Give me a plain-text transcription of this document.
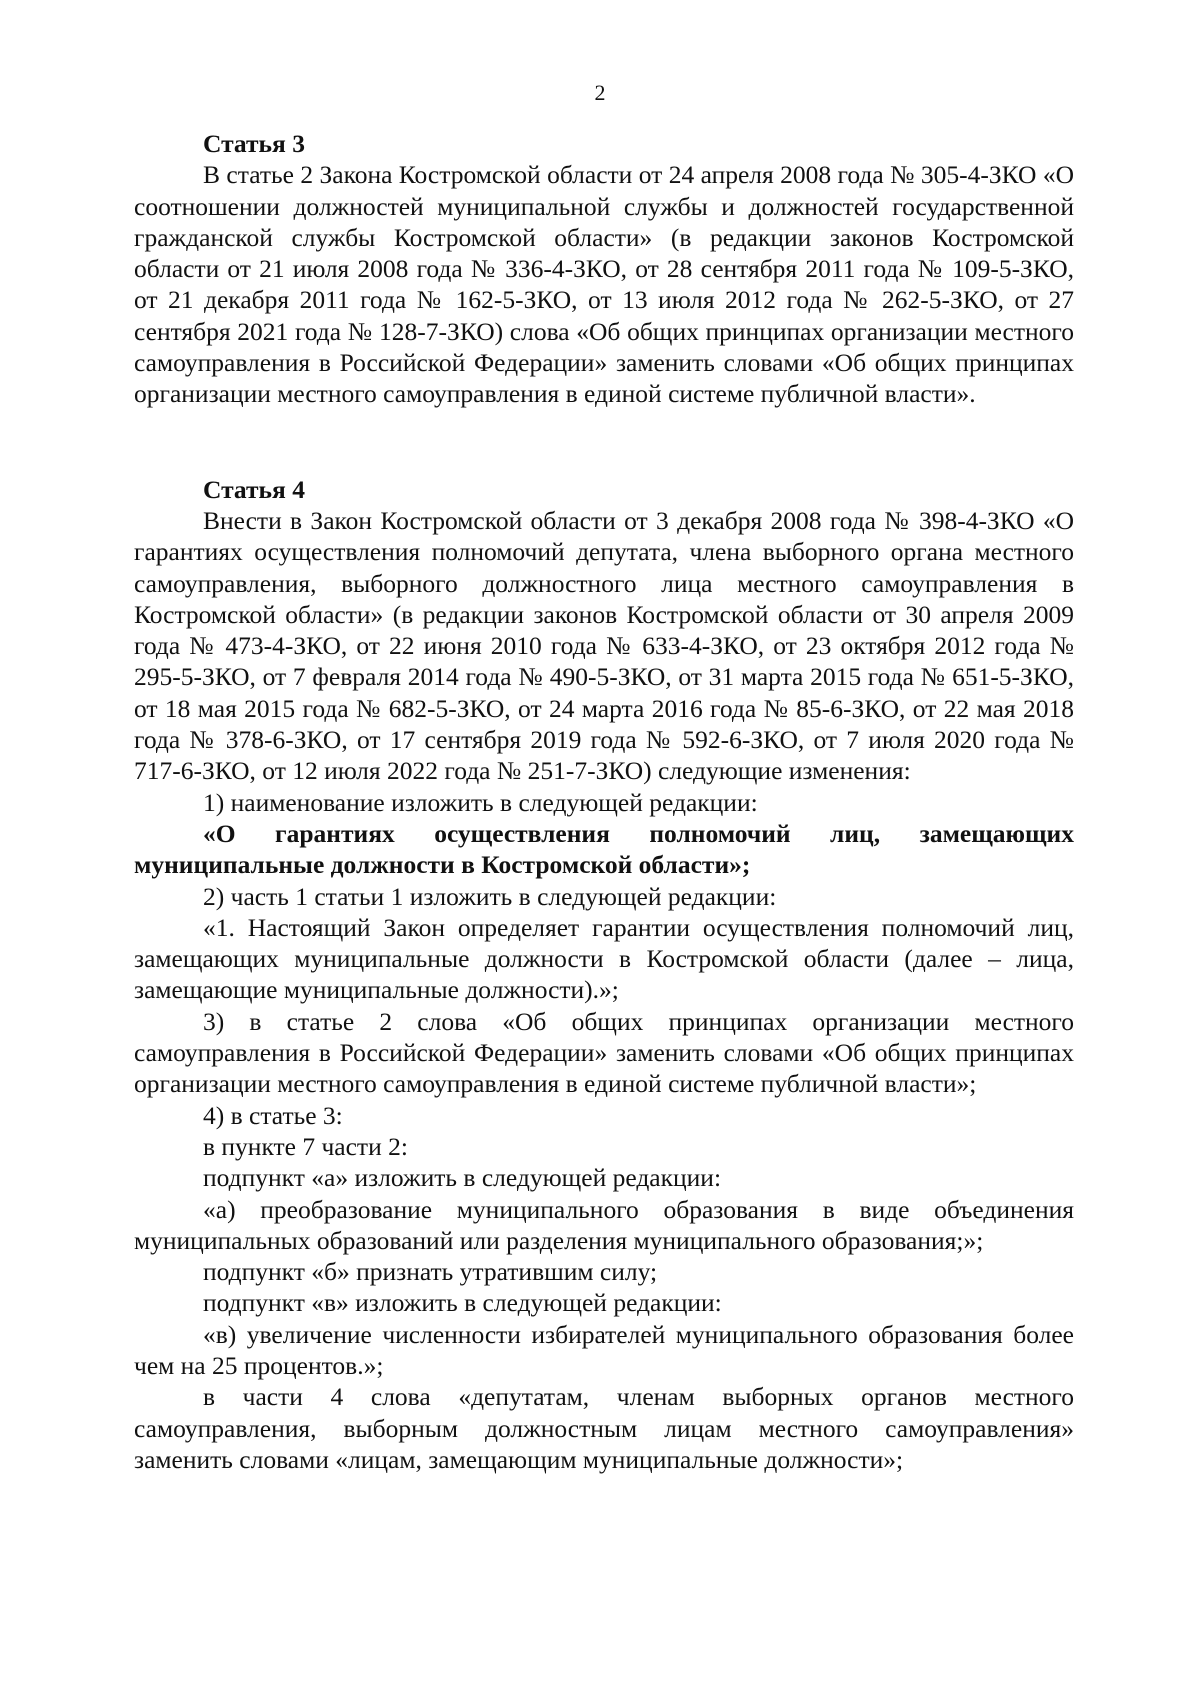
2

Статья 3

В статье 2 Закона Костромской области от 24 апреля 2008 года № 305-4-ЗКО «О соотношении должностей муниципальной службы и должностей государственной гражданской службы Костромской области» (в редакции законов Костромской области от 21 июля 2008 года № 336-4-ЗКО, от 28 сентября 2011 года № 109-5-ЗКО, от 21 декабря 2011 года № 162-5-ЗКО, от 13 июля 2012 года № 262-5-ЗКО, от 27 сентября 2021 года № 128-7-ЗКО) слова «Об общих принципах организации местного самоуправления в Российской Федерации» заменить словами «Об общих принципах организации местного самоуправления в единой системе публичной власти».

Статья 4

Внести в Закон Костромской области от 3 декабря 2008 года № 398-4-ЗКО «О гарантиях осуществления полномочий депутата, члена выборного органа местного самоуправления, выборного должностного лица местного самоуправления в Костромской области» (в редакции законов Костромской области от 30 апреля 2009 года № 473-4-ЗКО, от 22 июня 2010 года № 633-4-ЗКО, от 23 октября 2012 года № 295-5-ЗКО, от 7 февраля 2014 года № 490-5-ЗКО, от 31 марта 2015 года № 651-5-ЗКО, от 18 мая 2015 года № 682-5-ЗКО, от 24 марта 2016 года № 85-6-ЗКО, от 22 мая 2018 года № 378-6-ЗКО, от 17 сентября 2019 года № 592-6-ЗКО, от 7 июля 2020 года № 717-6-ЗКО, от 12 июля 2022 года № 251-7-ЗКО) следующие изменения:

1) наименование изложить в следующей редакции:

«О гарантиях осуществления полномочий лиц, замещающих муниципальные должности в Костромской области»;

2) часть 1 статьи 1 изложить в следующей редакции:

«1. Настоящий Закон определяет гарантии осуществления полномочий лиц, замещающих муниципальные должности в Костромской области (далее – лица, замещающие муниципальные должности).»;

3) в статье 2 слова «Об общих принципах организации местного самоуправления в Российской Федерации» заменить словами «Об общих принципах организации местного самоуправления в единой системе публичной власти»;

4) в статье 3:

в пункте 7 части 2:

подпункт «а» изложить в следующей редакции:

«а) преобразование муниципального образования в виде объединения муниципальных образований или разделения муниципального образования;»;

подпункт «б» признать утратившим силу;

подпункт «в» изложить в следующей редакции:

«в) увеличение численности избирателей муниципального образования более чем на 25 процентов.»;

в части 4 слова «депутатам, членам выборных органов местного самоуправления, выборным должностным лицам местного самоуправления» заменить словами «лицам, замещающим муниципальные должности»;
